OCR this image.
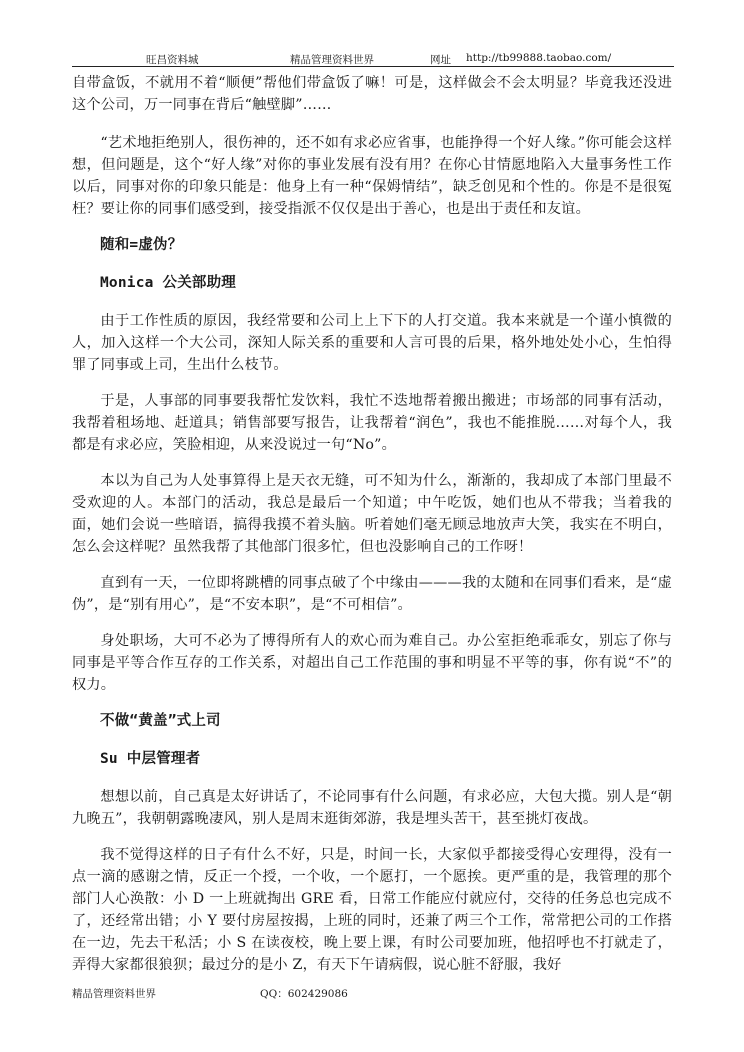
旺昌资料城	精品管理资料世界	网址 http://tb99888.taobao.com/

自带盒饭，不就用不着“顺便”帮他们带盒饭了嘛！可是，这样做会不会太明显？毕竟我还没进这个公司，万一同事在背后“触壁脚”……

“艺术地拒绝别人，很伤神的，还不如有求必应省事，也能挣得一个好人缘。”你可能会这样想，但问题是，这个“好人缘”对你的事业发展有没有用？在你心甘情愿地陷入大量事务性工作以后，同事对你的印象只能是：他身上有一种“保姆情结”，缺乏创见和个性的。你是不是很冤枉？要让你的同事们感受到，接受指派不仅仅是出于善心，也是出于责任和友谊。

随和=虚伪？
Monica 公关部助理

由于工作性质的原因，我经常要和公司上上下下的人打交道。我本来就是一个谨小慎微的人，加入这样一个大公司，深知人际关系的重要和人言可畏的后果，格外地处处小心，生怕得罪了同事或上司，生出什么枝节。

于是，人事部的同事要我帮忙发饮料，我忙不迭地帮着搬出搬进；市场部的同事有活动，我帮着租场地、赶道具；销售部要写报告，让我帮着“润色”，我也不能推脱……对每个人，我都是有求必应，笑脸相迎，从来没说过一句“No”。

本以为自己为人处事算得上是天衣无缝，可不知为什么，渐渐的，我却成了本部门里最不受欢迎的人。本部门的活动，我总是最后一个知道；中午吃饭，她们也从不带我；当着我的面，她们会说一些暗语，搞得我摸不着头脑。听着她们毫无顾忌地放声大笑，我实在不明白，怎么会这样呢？虽然我帮了其他部门很多忙，但也没影响自己的工作呀！

直到有一天，一位即将跳槽的同事点破了个中缘由———我的太随和在同事们看来，是“虚伪”，是“别有用心”，是“不安本职”，是“不可相信”。

身处职场，大可不必为了博得所有人的欢心而为难自己。办公室拒绝乖乖女，别忘了你与同事是平等合作互存的工作关系，对超出自己工作范围的事和明显不平等的事，你有说“不”的权力。

不做“黄盖”式上司
Su 中层管理者

想想以前，自己真是太好讲话了，不论同事有什么问题，有求必应，大包大揽。别人是“朝九晚五”，我朝朝露晚凄风，别人是周末逛街郊游，我是埋头苦干，甚至挑灯夜战。

我不觉得这样的日子有什么不好，只是，时间一长，大家似乎都接受得心安理得，没有一点一滴的感谢之情，反正一个授，一个收，一个愿打，一个愿挨。更严重的是，我管理的那个部门人心涣散：小 D 一上班就掏出 GRE 看，日常工作能应付就应付，交待的任务总也完成不了，还经常出错；小 Y 要付房屋按揭，上班的同时，还兼了两三个工作，常常把公司的工作搭在一边，先去干私活；小 S 在读夜校，晚上要上课，有时公司要加班，他招呼也不打就走了，弄得大家都很狼狈；最过分的是小 Z，有天下午请病假，说心脏不舒服，我好

精品管理资料世界	QQ：602429086
